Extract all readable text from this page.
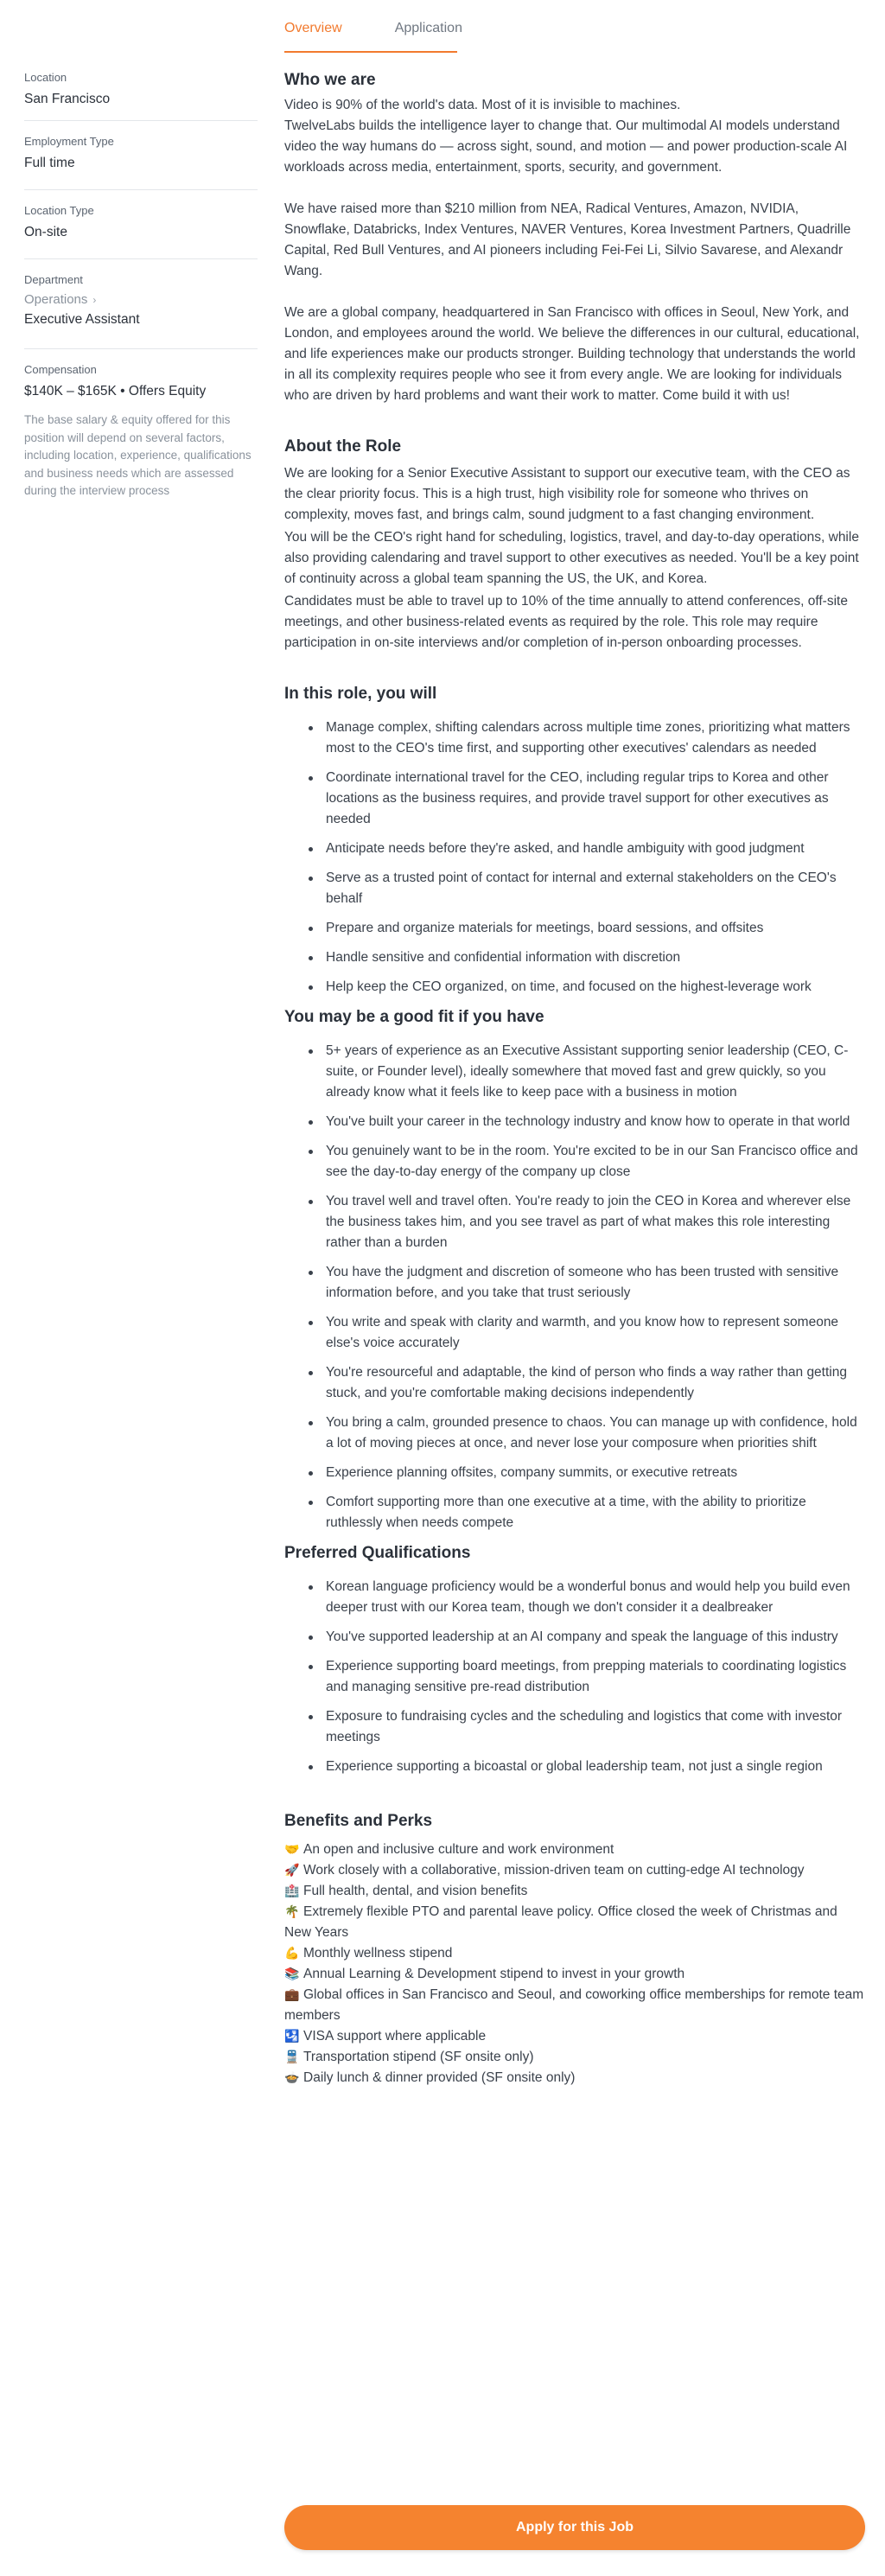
Overview	Application
Location
San Francisco
Employment Type
Full time
Location Type
On-site
Department
Operations ›
Executive Assistant
Compensation
$140K – $165K • Offers Equity
The base salary & equity offered for this position will depend on several factors, including location, experience, qualifications and business needs which are assessed during the interview process
Who we are

Video is 90% of the world's data. Most of it is invisible to machines.

TwelveLabs builds the intelligence layer to change that. Our multimodal AI models understand video the way humans do — across sight, sound, and motion — and power production-scale AI workloads across media, entertainment, sports, security, and government.

We have raised more than $210 million from NEA, Radical Ventures, Amazon, NVIDIA, Snowflake, Databricks, Index Ventures, NAVER Ventures, Korea Investment Partners, Quadrille Capital, Red Bull Ventures, and AI pioneers including Fei-Fei Li, Silvio Savarese, and Alexandr Wang.

We are a global company, headquartered in San Francisco with offices in Seoul, New York, and London, and employees around the world. We believe the differences in our cultural, educational, and life experiences make our products stronger. Building technology that understands the world in all its complexity requires people who see it from every angle. We are looking for individuals who are driven by hard problems and want their work to matter. Come build it with us!

About the Role

We are looking for a Senior Executive Assistant to support our executive team, with the CEO as the clear priority focus. This is a high trust, high visibility role for someone who thrives on complexity, moves fast, and brings calm, sound judgment to a fast changing environment.

You will be the CEO's right hand for scheduling, logistics, travel, and day-to-day operations, while also providing calendaring and travel support to other executives as needed. You'll be a key point of continuity across a global team spanning the US, the UK, and Korea.

Candidates must be able to travel up to 10% of the time annually to attend conferences, off-site meetings, and other business-related events as required by the role. This role may require participation in on-site interviews and/or completion of in-person onboarding processes.

In this role, you will
Manage complex, shifting calendars across multiple time zones, prioritizing what matters most to the CEO's time first, and supporting other executives' calendars as needed
Coordinate international travel for the CEO, including regular trips to Korea and other locations as the business requires, and provide travel support for other executives as needed
Anticipate needs before they're asked, and handle ambiguity with good judgment
Serve as a trusted point of contact for internal and external stakeholders on the CEO's behalf
Prepare and organize materials for meetings, board sessions, and offsites
Handle sensitive and confidential information with discretion
Help keep the CEO organized, on time, and focused on the highest-leverage work
You may be a good fit if you have
5+ years of experience as an Executive Assistant supporting senior leadership (CEO, C-suite, or Founder level), ideally somewhere that moved fast and grew quickly, so you already know what it feels like to keep pace with a business in motion
You've built your career in the technology industry and know how to operate in that world
You genuinely want to be in the room. You're excited to be in our San Francisco office and see the day-to-day energy of the company up close
You travel well and travel often. You're ready to join the CEO in Korea and wherever else the business takes him, and you see travel as part of what makes this role interesting rather than a burden
You have the judgment and discretion of someone who has been trusted with sensitive information before, and you take that trust seriously
You write and speak with clarity and warmth, and you know how to represent someone else's voice accurately
You're resourceful and adaptable, the kind of person who finds a way rather than getting stuck, and you're comfortable making decisions independently
You bring a calm, grounded presence to chaos. You can manage up with confidence, hold a lot of moving pieces at once, and never lose your composure when priorities shift
Experience planning offsites, company summits, or executive retreats
Comfort supporting more than one executive at a time, with the ability to prioritize ruthlessly when needs compete
Preferred Qualifications
Korean language proficiency would be a wonderful bonus and would help you build even deeper trust with our Korea team, though we don't consider it a dealbreaker
You've supported leadership at an AI company and speak the language of this industry
Experience supporting board meetings, from prepping materials to coordinating logistics and managing sensitive pre-read distribution
Exposure to fundraising cycles and the scheduling and logistics that come with investor meetings
Experience supporting a bicoastal or global leadership team, not just a single region
Benefits and Perks
🤝 An open and inclusive culture and work environment
🚀 Work closely with a collaborative, mission-driven team on cutting-edge AI technology
🏥 Full health, dental, and vision benefits
🌴 Extremely flexible PTO and parental leave policy. Office closed the week of Christmas and New Years
💪 Monthly wellness stipend
📚 Annual Learning & Development stipend to invest in your growth
💼 Global offices in San Francisco and Seoul, and coworking office memberships for remote team members
🛂 VISA support where applicable
🚆 Transportation stipend (SF onsite only)
🍲 Daily lunch & dinner provided (SF onsite only)
Apply for this Job
